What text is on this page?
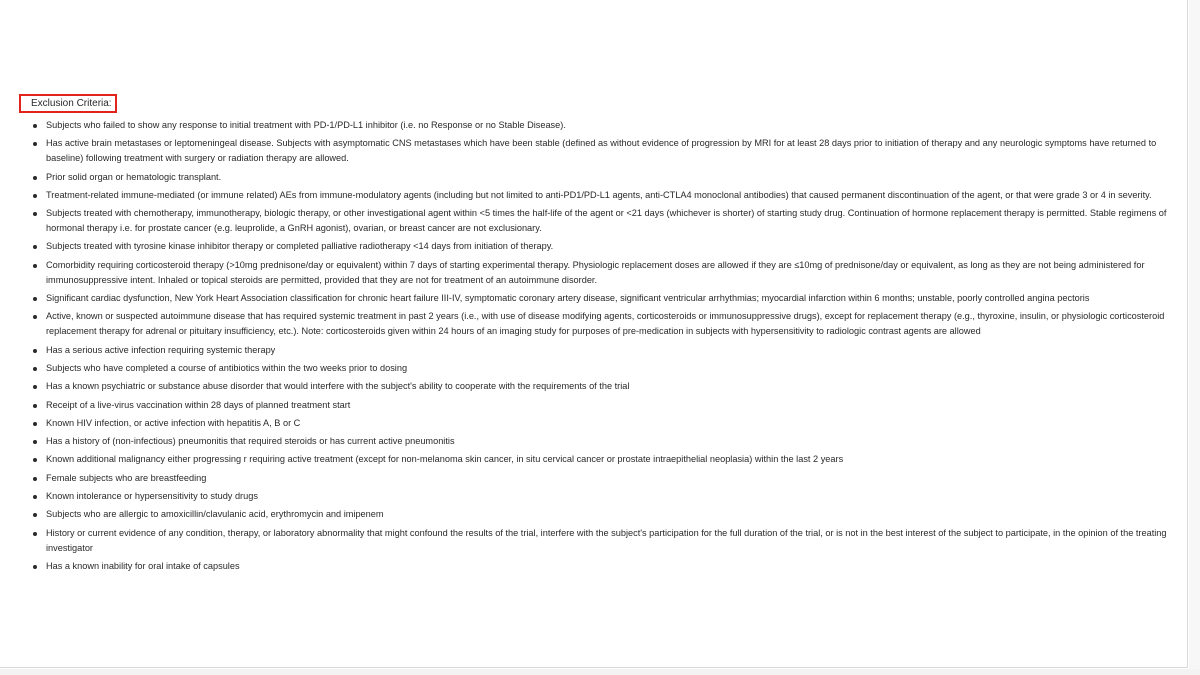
Exclusion Criteria:
Subjects who failed to show any response to initial treatment with PD-1/PD-L1 inhibitor (i.e. no Response or no Stable Disease).
Has active brain metastases or leptomeningeal disease. Subjects with asymptomatic CNS metastases which have been stable (defined as without evidence of progression by MRI for at least 28 days prior to initiation of therapy and any neurologic symptoms have returned to baseline) following treatment with surgery or radiation therapy are allowed.
Prior solid organ or hematologic transplant.
Treatment-related immune-mediated (or immune related) AEs from immune-modulatory agents (including but not limited to anti-PD1/PD-L1 agents, anti-CTLA4 monoclonal antibodies) that caused permanent discontinuation of the agent, or that were grade 3 or 4 in severity.
Subjects treated with chemotherapy, immunotherapy, biologic therapy, or other investigational agent within <5 times the half-life of the agent or <21 days (whichever is shorter) of starting study drug. Continuation of hormone replacement therapy is permitted. Stable regimens of hormonal therapy i.e. for prostate cancer (e.g. leuprolide, a GnRH agonist), ovarian, or breast cancer are not exclusionary.
Subjects treated with tyrosine kinase inhibitor therapy or completed palliative radiotherapy <14 days from initiation of therapy.
Comorbidity requiring corticosteroid therapy (>10mg prednisone/day or equivalent) within 7 days of starting experimental therapy. Physiologic replacement doses are allowed if they are ≤10mg of prednisone/day or equivalent, as long as they are not being administered for immunosuppressive intent. Inhaled or topical steroids are permitted, provided that they are not for treatment of an autoimmune disorder.
Significant cardiac dysfunction, New York Heart Association classification for chronic heart failure III-IV, symptomatic coronary artery disease, significant ventricular arrhythmias; myocardial infarction within 6 months; unstable, poorly controlled angina pectoris
Active, known or suspected autoimmune disease that has required systemic treatment in past 2 years (i.e., with use of disease modifying agents, corticosteroids or immunosuppressive drugs), except for replacement therapy (e.g., thyroxine, insulin, or physiologic corticosteroid replacement therapy for adrenal or pituitary insufficiency, etc.). Note: corticosteroids given within 24 hours of an imaging study for purposes of pre-medication in subjects with hypersensitivity to radiologic contrast agents are allowed
Has a serious active infection requiring systemic therapy
Subjects who have completed a course of antibiotics within the two weeks prior to dosing
Has a known psychiatric or substance abuse disorder that would interfere with the subject's ability to cooperate with the requirements of the trial
Receipt of a live-virus vaccination within 28 days of planned treatment start
Known HIV infection, or active infection with hepatitis A, B or C
Has a history of (non-infectious) pneumonitis that required steroids or has current active pneumonitis
Known additional malignancy either progressing r requiring active treatment (except for non-melanoma skin cancer, in situ cervical cancer or prostate intraepithelial neoplasia) within the last 2 years
Female subjects who are breastfeeding
Known intolerance or hypersensitivity to study drugs
Subjects who are allergic to amoxicillin/clavulanic acid, erythromycin and imipenem
History or current evidence of any condition, therapy, or laboratory abnormality that might confound the results of the trial, interfere with the subject's participation for the full duration of the trial, or is not in the best interest of the subject to participate, in the opinion of the treating investigator
Has a known inability for oral intake of capsules
